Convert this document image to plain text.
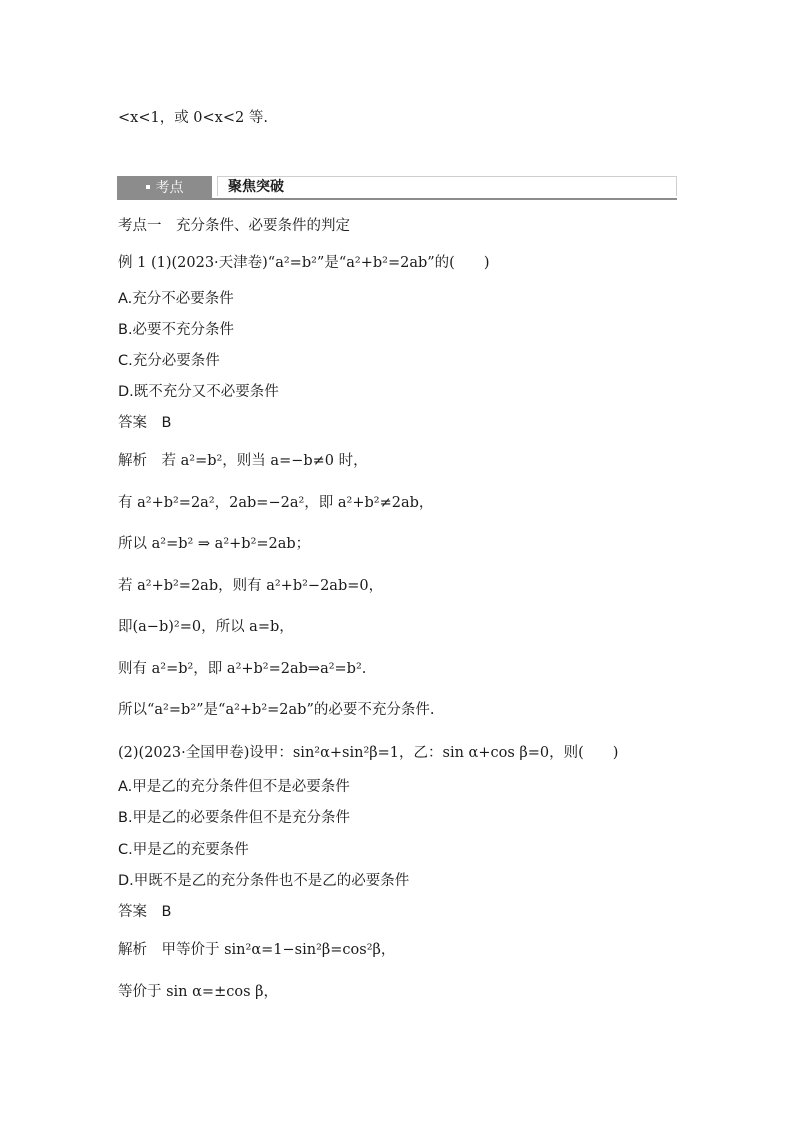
<x<1，或 0<x<2 等.
考点	聚焦突破
考点一　充分条件、必要条件的判定
例 1 (1)(2023·天津卷)“a²=b²”是“a²+b²=2ab”的(　　)
A.充分不必要条件
B.必要不充分条件
C.充分必要条件
D.既不充分又不必要条件
答案　B
解析　若 a²=b²，则当 a=−b≠0 时，
有 a²+b²=2a²，2ab=−2a²，即 a²+b²≠2ab，
所以 a²=b² ⇒ a²+b²=2ab；
若 a²+b²=2ab，则有 a²+b²−2ab=0，
即(a−b)²=0，所以 a=b，
则有 a²=b²，即 a²+b²=2ab⇒a²=b².
所以“a²=b²”是“a²+b²=2ab”的必要不充分条件.
(2)(2023·全国甲卷)设甲：sin²α+sin²β=1，乙：sin α+cos β=0，则(　　)
A.甲是乙的充分条件但不是必要条件
B.甲是乙的必要条件但不是充分条件
C.甲是乙的充要条件
D.甲既不是乙的充分条件也不是乙的必要条件
答案　B
解析　甲等价于 sin²α=1−sin²β=cos²β，
等价于 sin α=±cos β，
